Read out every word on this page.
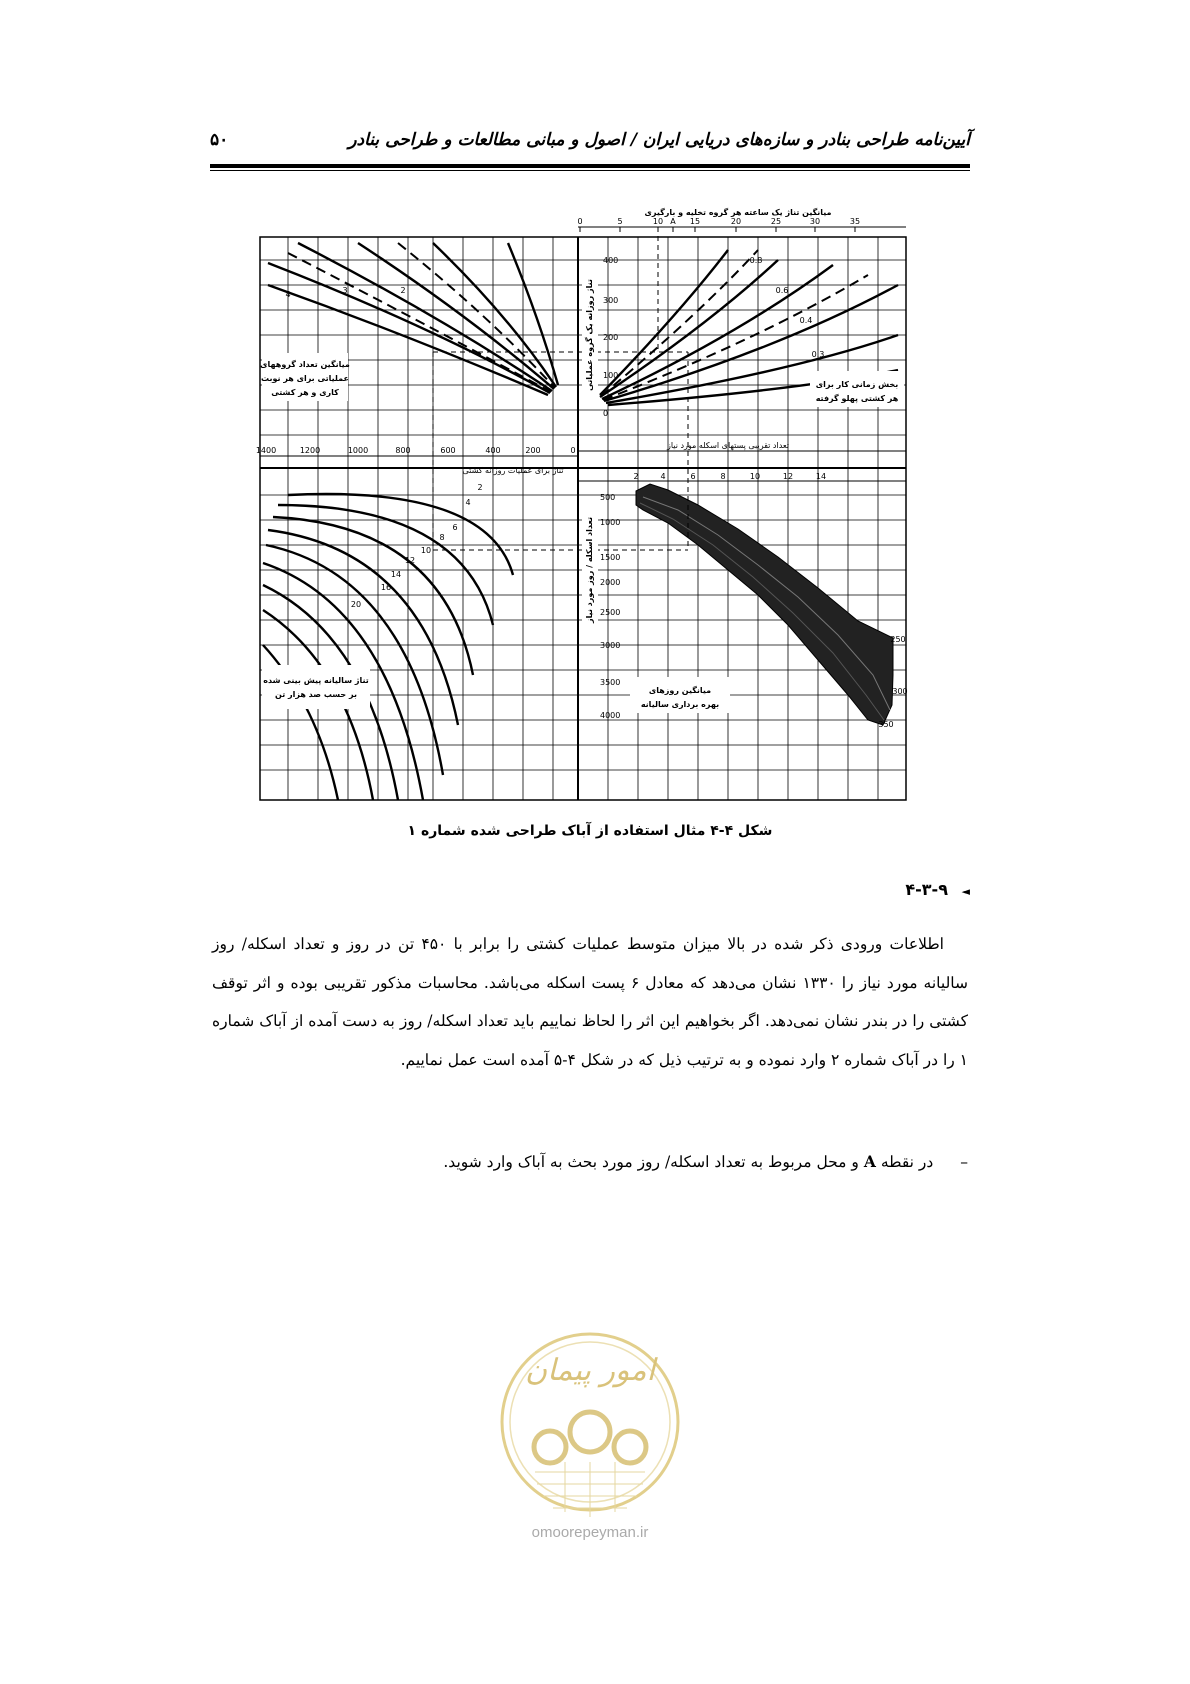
آیین‌نامه طراحی بنادر و سازه‌های دریایی ایران / اصول و مبانی مطالعات و طراحی بنادر
۵۰
میانگین تناژ یک ساعته هر گروه تخلیه و بارگیری
0	5	10 A 15	20	25	30	35
1400	1200	1000	800	600	400	200	0
تناژ برای عملیات روزانه کشتی
400
300
200
100
0
تناژ روزانه یک گروه عملیاتی
تعداد تقریبی پستهای اسکله مورد نیاز
2	4	6	8	10	12	14
500
1000
1500
2000
2500
3000
3500
4000
تعداد اسکله / روز مورد نیاز
میانگین تعداد گروههای
عملیاتی برای هر نوبت
کاری و هر کشتی
بخش زمانی کار برای
هر کشتی پهلو گرفته
تناژ سالیانه پیش بینی شده
بر حسب صد هزار تن	میانگین روزهای
بهره برداری سالیانه
4	3	2
0.8
0.6
0.4
0.3
2
4
6
8
10
12
14
16
20
250
300
350
شکل ۴-۴ مثال استفاده از آباک طراحی شده شماره ۱
◄ ۴-۳-۹

اطلاعات ورودی ذکر شده در بالا میزان متوسط عملیات کشتی را برابر با ۴۵۰ تن در روز و تعداد اسکله/ روز سالیانه مورد نیاز را ۱۳۳۰ نشان می‌دهد که معادل ۶ پست اسکله می‌باشد. محاسبات مذکور تقریبی بوده و اثر توقف کشتی را در بندر نشان نمی‌دهد. اگر بخواهیم این اثر را لحاظ نماییم باید تعداد اسکله/ روز به دست آمده از آباک شماره ۱ را در آباک شماره ۲ وارد نموده و به ترتیب ذیل که در شکل ۴-۵ آمده است عمل نماییم.

– در نقطه A و محل مربوط به تعداد اسکله/ روز مورد بحث به آباک وارد شوید.
امور پیمان
omoorepeyman.ir
